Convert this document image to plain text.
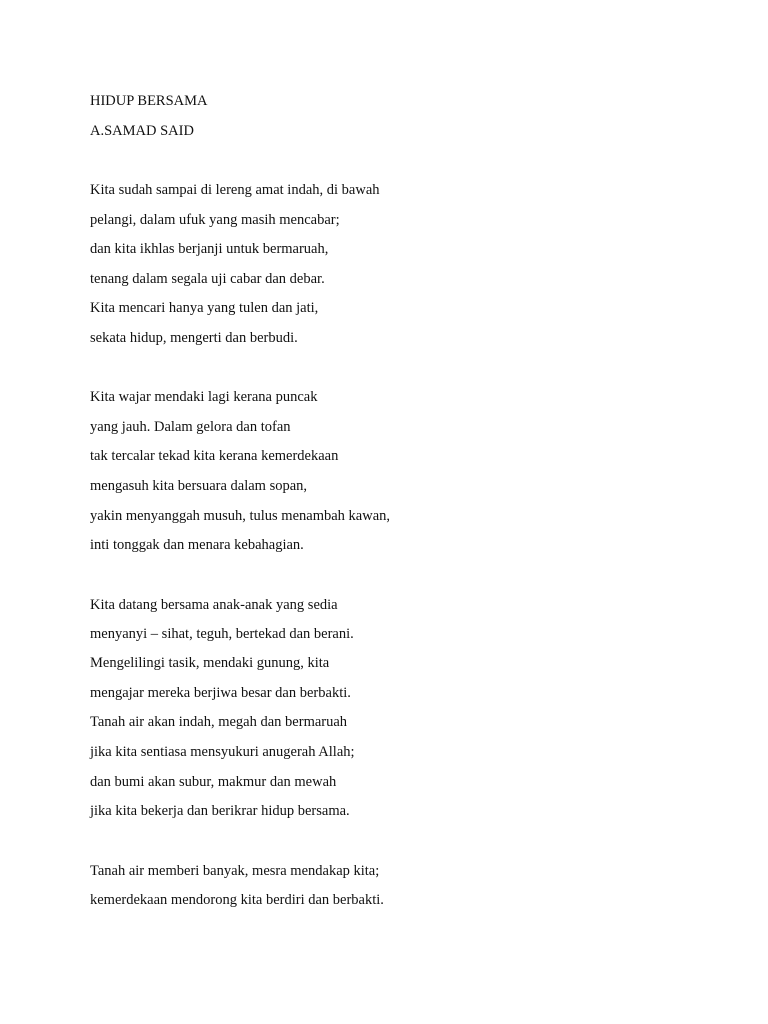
HIDUP BERSAMA
A.SAMAD SAID
Kita sudah sampai di lereng amat indah, di bawah
pelangi, dalam ufuk yang masih mencabar;
dan kita ikhlas berjanji untuk bermaruah,
tenang dalam segala uji cabar dan debar.
Kita mencari hanya yang tulen dan jati,
sekata hidup, mengerti dan berbudi.
Kita wajar mendaki lagi kerana puncak
yang jauh. Dalam gelora dan tofan
tak tercalar tekad kita kerana kemerdekaan
mengasuh kita bersuara dalam sopan,
yakin menyanggah musuh, tulus menambah kawan,
inti tonggak dan menara kebahagian.
Kita datang bersama anak-anak yang sedia
menyanyi – sihat, teguh, bertekad dan berani.
Mengelilingi tasik, mendaki gunung, kita
mengajar mereka berjiwa besar dan berbakti.
Tanah air akan indah, megah dan bermaruah
jika kita sentiasa mensyukuri anugerah Allah;
dan bumi akan subur, makmur dan mewah
jika kita bekerja dan berikrar hidup bersama.
Tanah air memberi banyak, mesra mendakap kita;
kemerdekaan mendorong kita berdiri dan berbakti.
